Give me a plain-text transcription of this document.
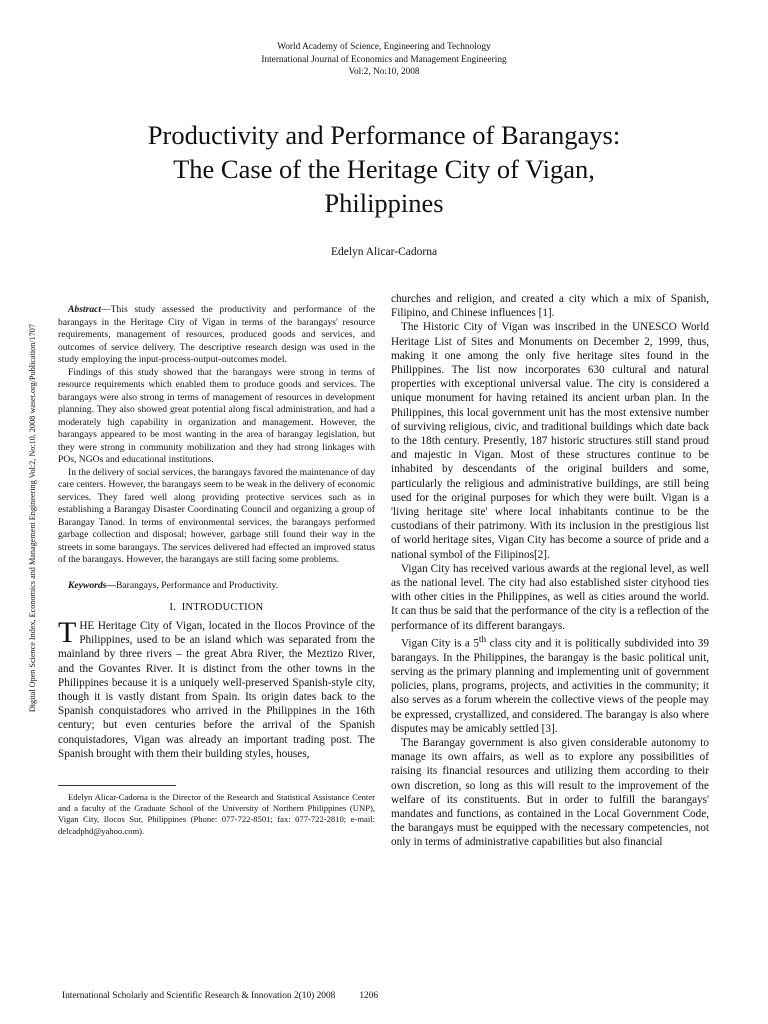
World Academy of Science, Engineering and Technology
International Journal of Economics and Management Engineering
Vol:2, No:10, 2008
Productivity and Performance of Barangays:
The Case of the Heritage City of Vigan,
Philippines
Edelyn Alicar-Cadorna
Digital Open Science Index, Economics and Management Engineering Vol:2, No:10, 2008 waset.org/Publication/1707

Abstract—This study assessed the productivity and performance of the barangays in the Heritage City of Vigan in terms of the barangays' resource requirements, management of resources, produced goods and services, and outcomes of service delivery. The descriptive research design was used in the study employing the input-process-output-outcomes model.

Findings of this study showed that the barangays were strong in terms of resource requirements which enabled them to produce goods and services. The barangays were also strong in terms of management of resources in development planning. They also showed great potential along fiscal administration, and had a moderately high capability in organization and management. However, the barangays appeared to be most wanting in the area of barangay legislation, but they were strong in community mobilization and they had strong linkages with POs, NGOs and educational institutions.

In the delivery of social services, the barangays favored the maintenance of day care centers. However, the barangays seem to be weak in the delivery of economic services. They fared well along providing protective services such as in establishing a Barangay Disaster Coordinating Council and organizing a group of Barangay Tanod. In terms of environmental services, the barangays performed garbage collection and disposal; however, garbage still found their way in the streets in some barangays. The services delivered had effected an improved status of the barangays. However, the barangays are still facing some problems.

Keywords—Barangays, Performance and Productivity.

I. INTRODUCTION

THE Heritage City of Vigan, located in the Ilocos Province of the Philippines, used to be an island which was separated from the mainland by three rivers – the great Abra River, the Meztizo River, and the Govantes River. It is distinct from the other towns in the Philippines because it is a uniquely well-preserved Spanish-style city, though it is vastly distant from Spain. Its origin dates back to the Spanish conquistadores who arrived in the Philippines in the 16th century; but even centuries before the arrival of the Spanish conquistadores, Vigan was already an important trading post. The Spanish brought with them their building styles, houses,

Edelyn Alicar-Cadorna is the Director of the Research and Statistical Assistance Center and a faculty of the Graduate School of the University of Northern Philippines (UNP), Vigan City, Ilocos Sur, Philippines (Phone: 077-722-8501; fax: 077-722-2810; e-mail: delcadphd@yahoo.com).

churches and religion, and created a city which a mix of Spanish, Filipino, and Chinese influences [1].

The Historic City of Vigan was inscribed in the UNESCO World Heritage List of Sites and Monuments on December 2, 1999, thus, making it one among the only five heritage sites found in the Philippines. The list now incorporates 630 cultural and natural properties with exceptional universal value. The city is considered a unique monument for having retained its ancient urban plan. In the Philippines, this local government unit has the most extensive number of surviving religious, civic, and traditional buildings which date back to the 18th century. Presently, 187 historic structures still stand proud and majestic in Vigan. Most of these structures continue to be inhabited by descendants of the original builders and some, particularly the religious and administrative buildings, are still being used for the original purposes for which they were built. Vigan is a 'living heritage site' where local inhabitants continue to be the custodians of their patrimony. With its inclusion in the prestigious list of world heritage sites, Vigan City has become a source of pride and a national symbol of the Filipinos[2].

Vigan City has received various awards at the regional level, as well as the national level. The city had also established sister cityhood ties with other cities in the Philippines, as well as cities around the world. It can thus be said that the performance of the city is a reflection of the performance of its different barangays.

Vigan City is a 5th class city and it is politically subdivided into 39 barangays. In the Philippines, the barangay is the basic political unit, serving as the primary planning and implementing unit of government policies, plans, programs, projects, and activities in the community; it also serves as a forum wherein the collective views of the people may be expressed, crystallized, and considered. The barangay is also where disputes may be amicably settled [3].

The Barangay government is also given considerable autonomy to manage its own affairs, as well as to explore any possibilities of raising its financial resources and utilizing them according to their own discretion, so long as this will result to the improvement of the welfare of its constituents. But in order to fulfill the barangays' mandates and functions, as contained in the Local Government Code, the barangays must be equipped with the necessary competencies, not only in terms of administrative capabilities but also financial

International Scholarly and Scientific Research & Innovation 2(10) 2008	1206
